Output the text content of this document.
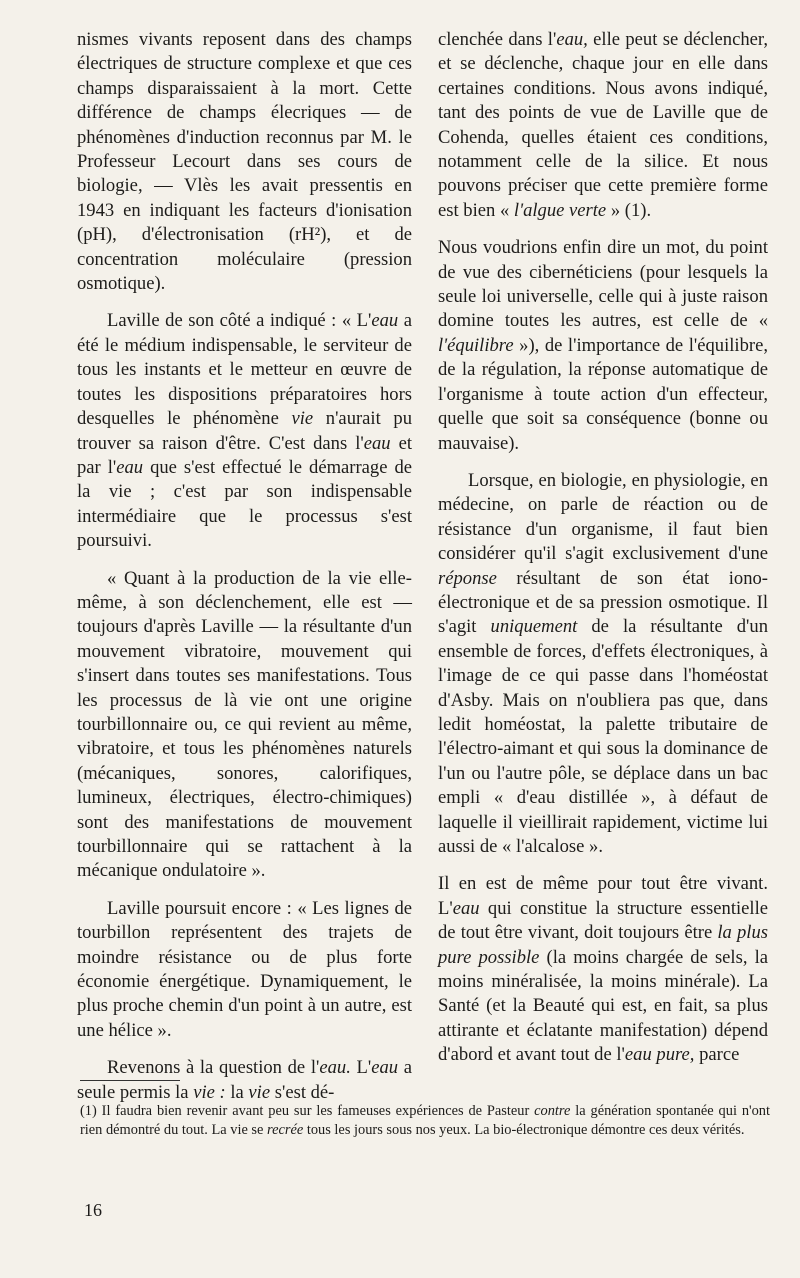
nismes vivants reposent dans des champs électriques de structure complexe et que ces champs disparaissaient à la mort. Cette différence de champs élecriques — de phénomènes d'induction reconnus par M. le Professeur Lecourt dans ses cours de biologie, — Vlès les avait pressentis en 1943 en indiquant les facteurs d'ionisation (pH), d'électronisation (rH²), et de concentration moléculaire (pression osmotique).

Laville de son côté a indiqué : « L'eau a été le médium indispensable, le serviteur de tous les instants et le metteur en œuvre de toutes les dispositions préparatoires hors desquelles le phénomène vie n'aurait pu trouver sa raison d'être. C'est dans l'eau et par l'eau que s'est effectué le démarrage de la vie ; c'est par son indispensable intermédiaire que le processus s'est poursuivi.

« Quant à la production de la vie elle-même, à son déclenchement, elle est — toujours d'après Laville — la résultante d'un mouvement vibratoire, mouvement qui s'insert dans toutes ses manifestations. Tous les processus de là vie ont une origine tourbillonnaire ou, ce qui revient au même, vibratoire, et tous les phénomènes naturels (mécaniques, sonores, calorifiques, lumineux, électriques, électro-chimiques) sont des manifestations de mouvement tourbillonnaire qui se rattachent à la mécanique ondulatoire ».

Laville poursuit encore : « Les lignes de tourbillon représentent des trajets de moindre résistance ou de plus forte économie énergétique. Dynamiquement, le plus proche chemin d'un point à un autre, est une hélice ».

Revenons à la question de l'eau. L'eau a seule permis la vie : la vie s'est dé-

clenchée dans l'eau, elle peut se déclencher, et se déclenche, chaque jour en elle dans certaines conditions. Nous avons indiqué, tant des points de vue de Laville que de Cohenda, quelles étaient ces conditions, notamment celle de la silice. Et nous pouvons préciser que cette première forme est bien « l'algue verte » (1).

Nous voudrions enfin dire un mot, du point de vue des cibernéticiens (pour lesquels la seule loi universelle, celle qui à juste raison domine toutes les autres, est celle de « l'équilibre »), de l'importance de l'équilibre, de la régulation, la réponse automatique de l'organisme à toute action d'un effecteur, quelle que soit sa conséquence (bonne ou mauvaise).

Lorsque, en biologie, en physiologie, en médecine, on parle de réaction ou de résistance d'un organisme, il faut bien considérer qu'il s'agit exclusivement d'une réponse résultant de son état iono-électronique et de sa pression osmotique. Il s'agit uniquement de la résultante d'un ensemble de forces, d'effets électroniques, à l'image de ce qui passe dans l'homéostat d'Asby. Mais on n'oubliera pas que, dans ledit homéostat, la palette tributaire de l'électro-aimant et qui sous la dominance de l'un ou l'autre pôle, se déplace dans un bac empli « d'eau distillée », à défaut de laquelle il vieillirait rapidement, victime lui aussi de « l'alcalose ».

Il en est de même pour tout être vivant. L'eau qui constitue la structure essentielle de tout être vivant, doit toujours être la plus pure possible (la moins chargée de sels, la moins minéralisée, la moins minérale). La Santé (et la Beauté qui est, en fait, sa plus attirante et éclatante manifestation) dépend d'abord et avant tout de l'eau pure, parce

(1) Il faudra bien revenir avant peu sur les fameuses expériences de Pasteur contre la génération spontanée qui n'ont rien démontré du tout. La vie se recrée tous les jours sous nos yeux. La bio-électronique démontre ces deux vérités.

16
